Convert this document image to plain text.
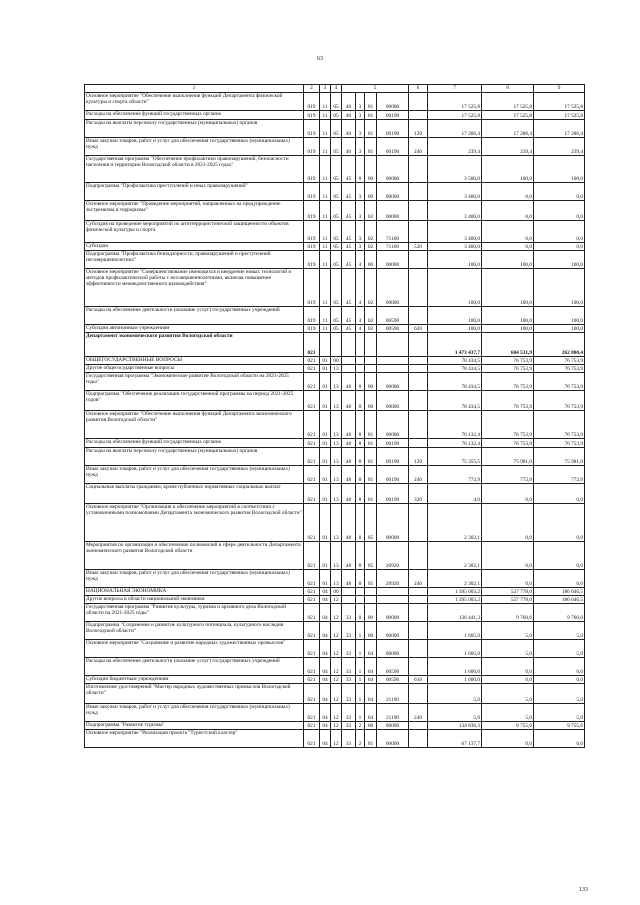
63
1	2	3	4	5				6	7	8	9
Основное мероприятие "Обеспечение выполнения функций Департамента физической культуры и спорта области"	019	11	05	40	3	01	00000		17 525,8	17 525,8	17 525,8
Расходы на обеспечение функций государственных органов	019	11	05	40	3	01	00190		17 525,8	17 525,8	17 525,8
Расходы на выплаты персоналу государственных (муниципальных) органов	019	11	05	40	3	01	00190	120	17 286,4	17 286,4	17 286,4
Иные закупки товаров, работ и услуг для обеспечения государственных (муниципальных) нужд	019	11	05	40	3	01	00190	240	239,4	239,4	239,4
Государственная программа "Обеспечение профилактики правонарушений, безопасности населения и территории Вологодской области в 2021-2025 годах"	019	11	05	45	0	00	00000		3 500,0	100,0	100,0
Подпрограмма "Профилактика преступлений и иных правонарушений"	019	11	05	45	3	00	00000		3 400,0	0,0	0,0
Основное мероприятие "Проведение мероприятий, направленных на предупреждение экстремизма и терроризма"	019	11	05	45	3	02	00000		3 400,0	0,0	0,0
Субсидия на проведение мероприятий по антитеррористической защищенности объектов физической культуры и спорта	019	11	05	45	3	02	71160		3 400,0	0,0	0,0
Субсидия	019	11	05	45	3	02	71160	520	3 400,0	0,0	0,0
Подпрограмма "Профилактика безнадзорности, правонарушений и преступлений несовершеннолетних"	019	11	05	45	4	00	00000		100,0	100,0	100,0
Основное мероприятие "Совершенствование имеющихся и внедрение новых технологий и методов профилактической работы с несовершеннолетними, включая повышение эффективности межведомственного взаимодействия"	019	11	05	45	4	02	00000		100,0	100,0	100,0
Расходы на обеспечение деятельности (оказание услуг) государственных учреждений	019	11	05	45	4	02	00590		100,0	100,0	100,0
Субсидии автономным учреждениям	019	11	05	45	4	02	00590	620	100,0	100,0	100,0
Департамент экономического развития Вологодской области	021								1 473 437,7	604 531,9	262 800,4
ОБЩЕГОСУДАРСТВЕННЫЕ ВОПРОСЫ	021	01	00						78 434,5	76 753,9	76 753,9
Другие общегосударственные вопросы	021	01	13						78 434,5	76 753,9	76 753,9
Государственная программа "Экономическое развитие Вологодской области на 2021-2025 годы"	021	01	13	48	0	00	00000		78 434,5	76 753,9	76 753,9
Подпрограмма "Обеспечение реализации государственной программы на период 2021-2025 годов"	021	01	13	48	8	00	00000		78 434,5	76 753,9	76 753,9
Основное мероприятие "Обеспечение выполнения функций Департамента экономического развития Вологодской области"	021	01	13	48	8	01	00000		76 132,4	76 753,9	76 753,9
Расходы на обеспечение функций государственных органов	021	01	13	48	8	01	00190		76 132,4	76 753,9	76 753,9
Расходы на выплаты персоналу государственных (муниципальных) органов	021	01	13	48	8	01	00190	120	75 355,5	75 981,0	75 981,0
Иные закупки товаров, работ и услуг для обеспечения государственных (муниципальных) нужд	021	01	13	48	8	01	00190	240	772,9	772,9	772,9
Социальные выплаты гражданам, кроме публичных нормативных социальных выплат	021	01	13	48	8	01	00190	320	4,0	0,0	0,0
Основное мероприятие "Организация и обеспечение мероприятий в соответствии с установленными полномочиями Департамента экономического развития Вологодской области"	021	01	13	48	8	05	00000		2 302,1	0,0	0,0
Мероприятия по организации и обеспечению полномочий в сфере деятельности Департамента экономического развития Вологодской области	021	01	13	48	8	05	20920		2 302,1	0,0	0,0
Иные закупки товаров, работ и услуг для обеспечения государственных (муниципальных) нужд	021	01	13	48	8	05	20920	240	2 302,1	0,0	0,0
НАЦИОНАЛЬНАЯ ЭКОНОМИКА	021	04	00						1 395 003,2	527 778,0	186 046,5
Другие вопросы в области национальной экономики	021	04	12						1 395 003,2	527 778,0	186 046,5
Государственная программа "Развитие культуры, туризма и архивного дела Вологодской области на 2021-2025 годы"	021	04	12	33	0	00	00000		136 441,3	9 760,6	9 760,6
Подпрограмма "Сохранение и развитие культурного потенциала, культурного наследия Вологодской области"	021	04	12	33	1	00	00000		1 605,0	5,0	5,0
Основное мероприятие "Сохранение и развитие народных художественных промыслов"	021	04	12	33	1	04	00000		1 605,0	5,0	5,0
Расходы на обеспечение деятельности (оказание услуг) государственных учреждений	021	04	12	33	1	04	00590		1 600,0	0,0	0,0
Субсидии бюджетным учреждениям	021	04	12	33	1	04	00590	610	1 600,0	0,0	0,0
Изготовление удостоверений "Мастер народных художественных промыслов Вологодской области"	021	04	12	33	1	04	21190		5,0	5,0	5,0
Иные закупки товаров, работ и услуг для обеспечения государственных (муниципальных) нужд	021	04	12	33	1	04	21190	240	5,0	5,0	5,0
Подпрограмма "Развитие туризма"	021	04	12	33	2	00	00000		134 836,3	9 755,6	9 755,6
Основное мероприятие "Реализация проекта "Туристский кластер"	021	04	12	33	2	01	00000		67 137,7	0,0	0,0
133
